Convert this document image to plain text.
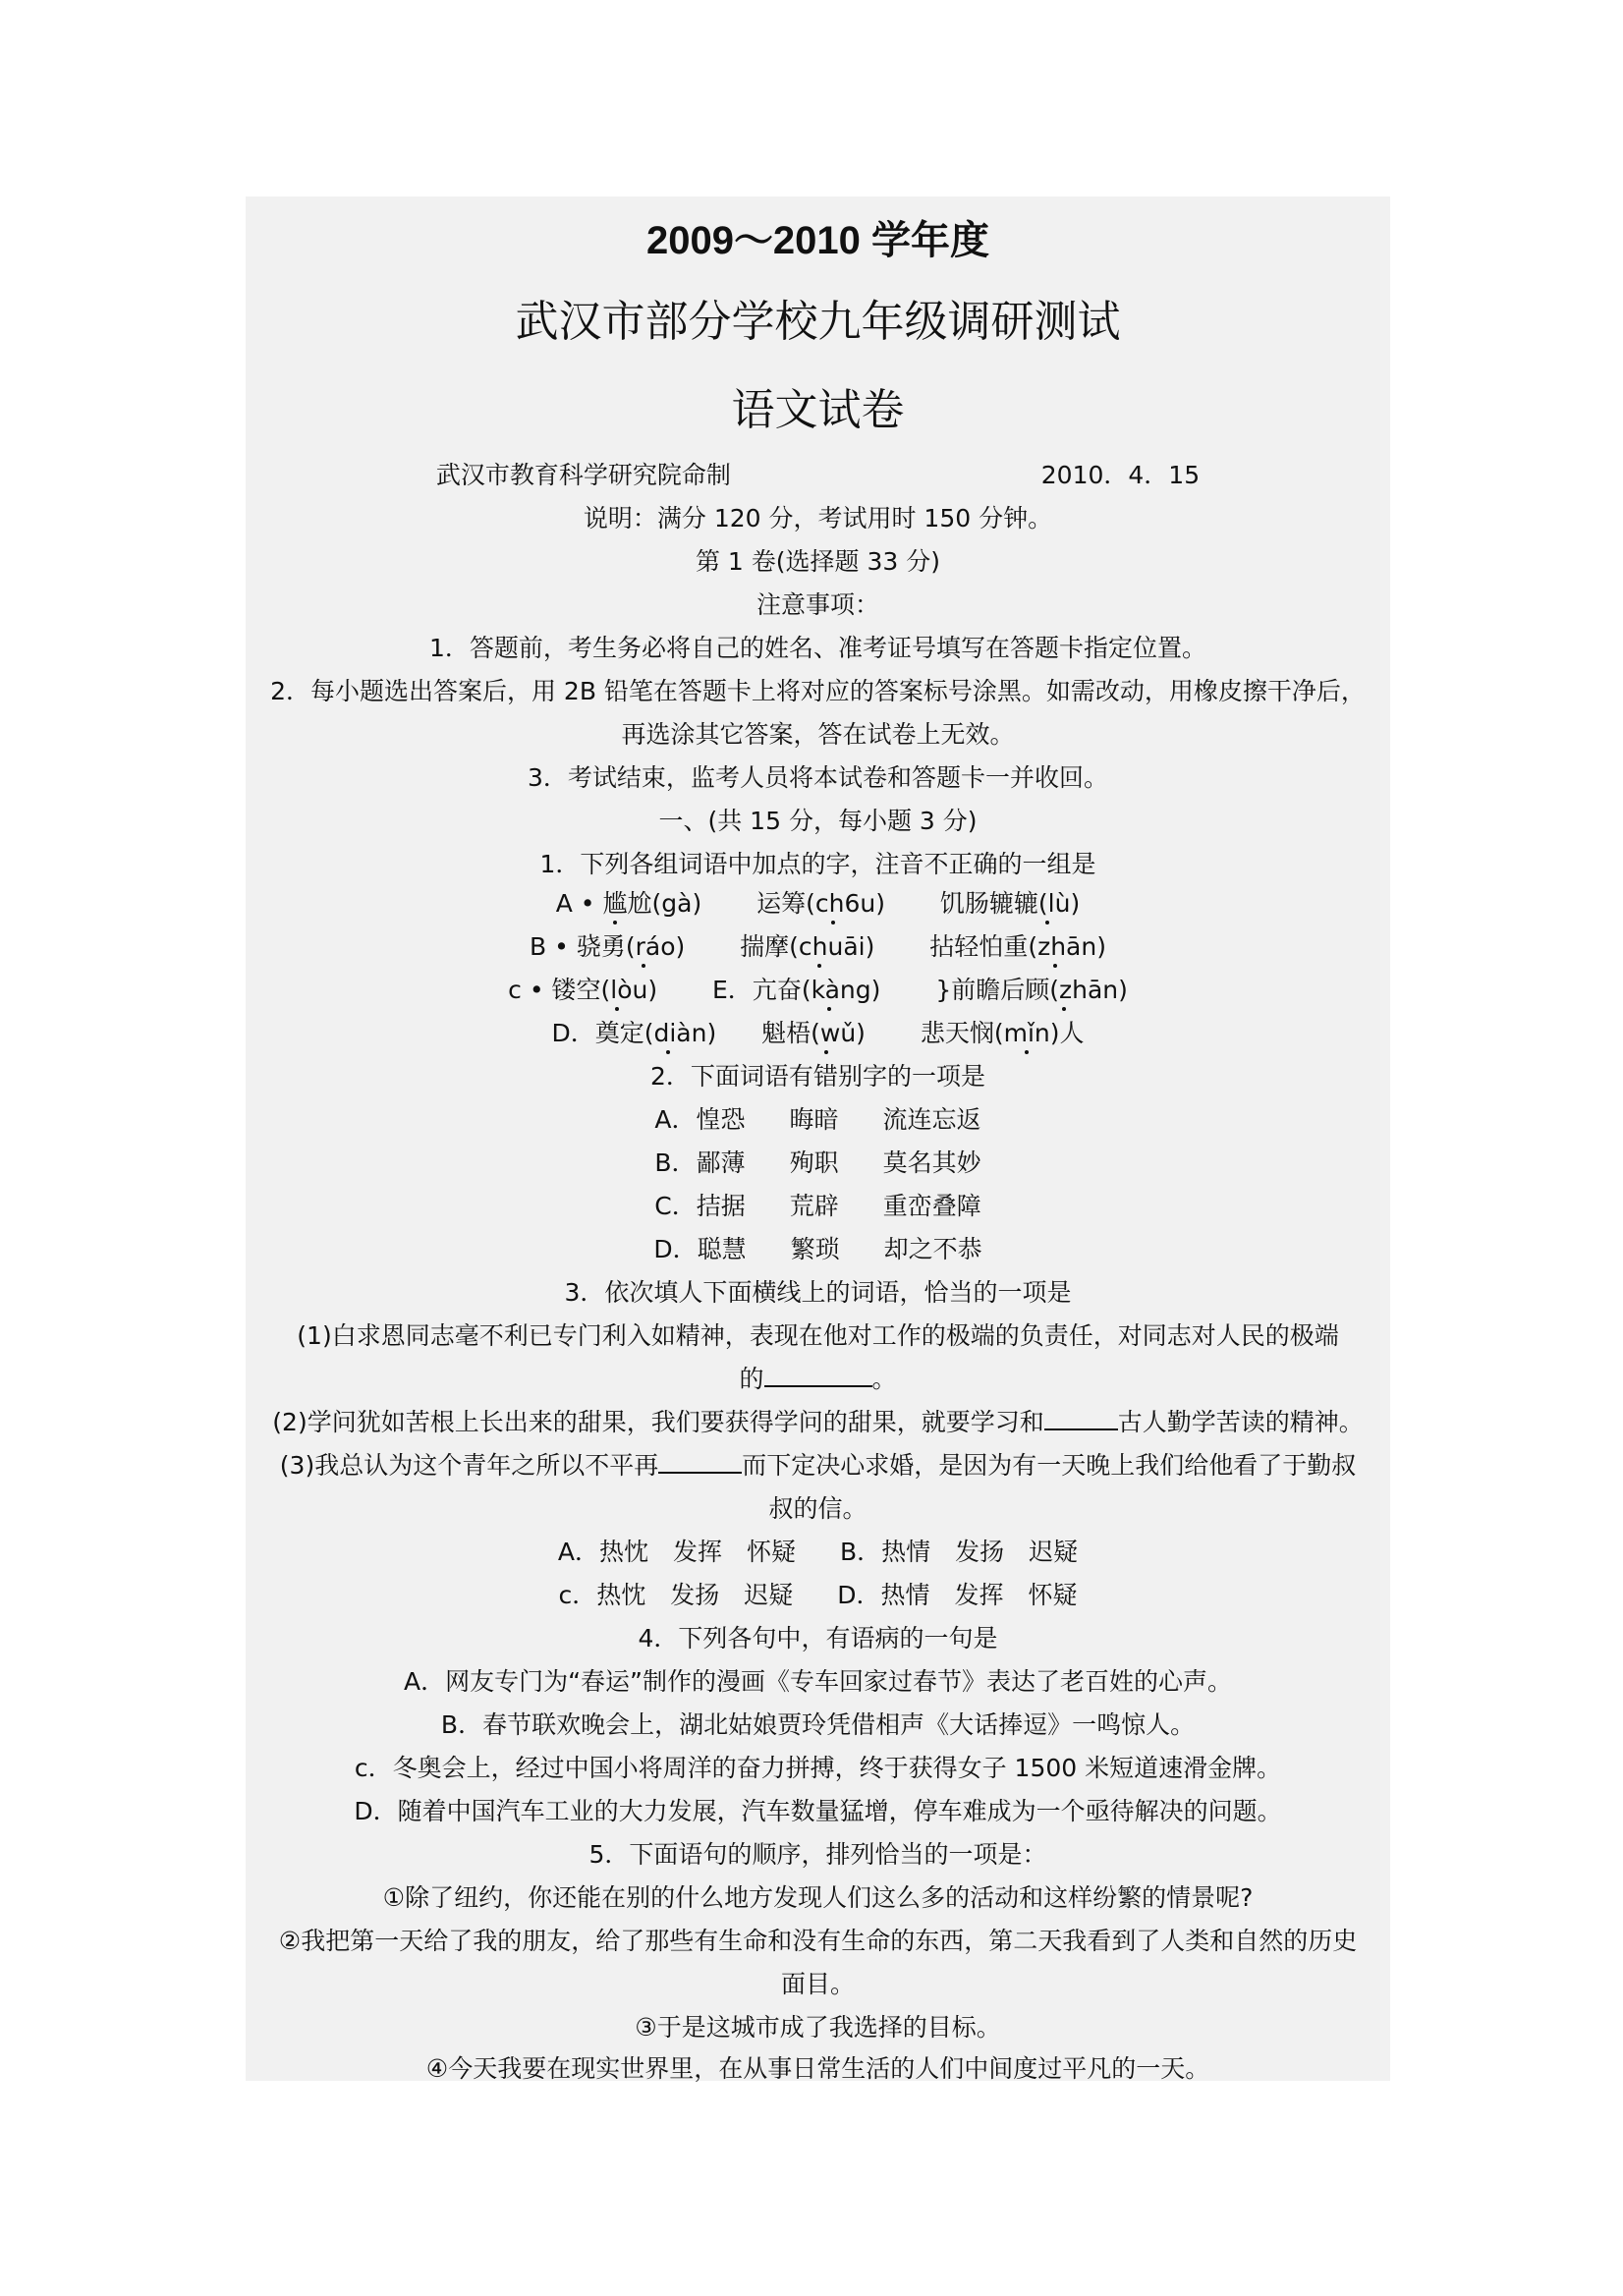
2009～2010 学年度
武汉市部分学校九年级调研测试
语文试卷
武汉市教育科学研究院命制	2010．4．15
说明：满分 120 分，考试用时 150 分钟。
第 1 卷(选择题 33 分)
注意事项：
1．答题前，考生务必将自己的姓名、准考证号填写在答题卡指定位置。
2．每小题选出答案后，用 2B 铅笔在答题卡上将对应的答案标号涂黑。如需改动，用橡皮擦干净后，
再选涂其它答案，答在试卷上无效。
3．考试结束，监考人员将本试卷和答题卡一并收回。
一、(共 15 分，每小题 3 分)
1．下列各组词语中加点的字，注音不正确的一组是
A • 尴尬(gà) 运筹(ch6u) 饥肠辘辘(lù)
B • 骁勇(ráo) 揣摩(chuāi) 拈轻怕重(zhān)
c • 镂空(lòu) E．亢奋(kàng) }前瞻后顾(zhān)
D．奠定(diàn) 魁梧(wǔ) 悲天悯(mǐn)人
2．下面词语有错别字的一项是
A．惶恐 晦暗 流连忘返
B．鄙薄 殉职 莫名其妙
C．拮据 荒辟 重峦叠障
D．聪慧 繁琐 却之不恭
3．依次填人下面横线上的词语，恰当的一项是
(1)白求恩同志毫不利已专门利入如精神，表现在他对工作的极端的负责任，对同志对人民的极端
的	。
(2)学问犹如苦根上长出来的甜果，我们要获得学问的甜果，就要学习和	古人勤学苦读的精神。
(3)我总认为这个青年之所以不平再	而下定决心求婚，是因为有一天晚上我们给他看了于勤叔
叔的信。
A．热忱　发挥　怀疑 B．热情　发扬　迟疑
c．热忱　发扬　迟疑 D．热情　发挥　怀疑
4．下列各句中，有语病的一句是
A．网友专门为“春运”制作的漫画《专车回家过春节》表达了老百姓的心声。
B．春节联欢晚会上，湖北姑娘贾玲凭借相声《大话捧逗》一鸣惊人。
c．冬奥会上，经过中国小将周洋的奋力拼搏，终于获得女子 1500 米短道速滑金牌。
D．随着中国汽车工业的大力发展，汽车数量猛增，停车难成为一个亟待解决的问题。
5．下面语句的顺序，排列恰当的一项是：
①除了纽约，你还能在别的什么地方发现人们这么多的活动和这样纷繁的情景呢?
②我把第一天给了我的朋友，给了那些有生命和没有生命的东西，第二天我看到了人类和自然的历史
面目。
③于是这城市成了我选择的目标。
④今天我要在现实世界里，在从事日常生活的人们中间度过平凡的一天。
